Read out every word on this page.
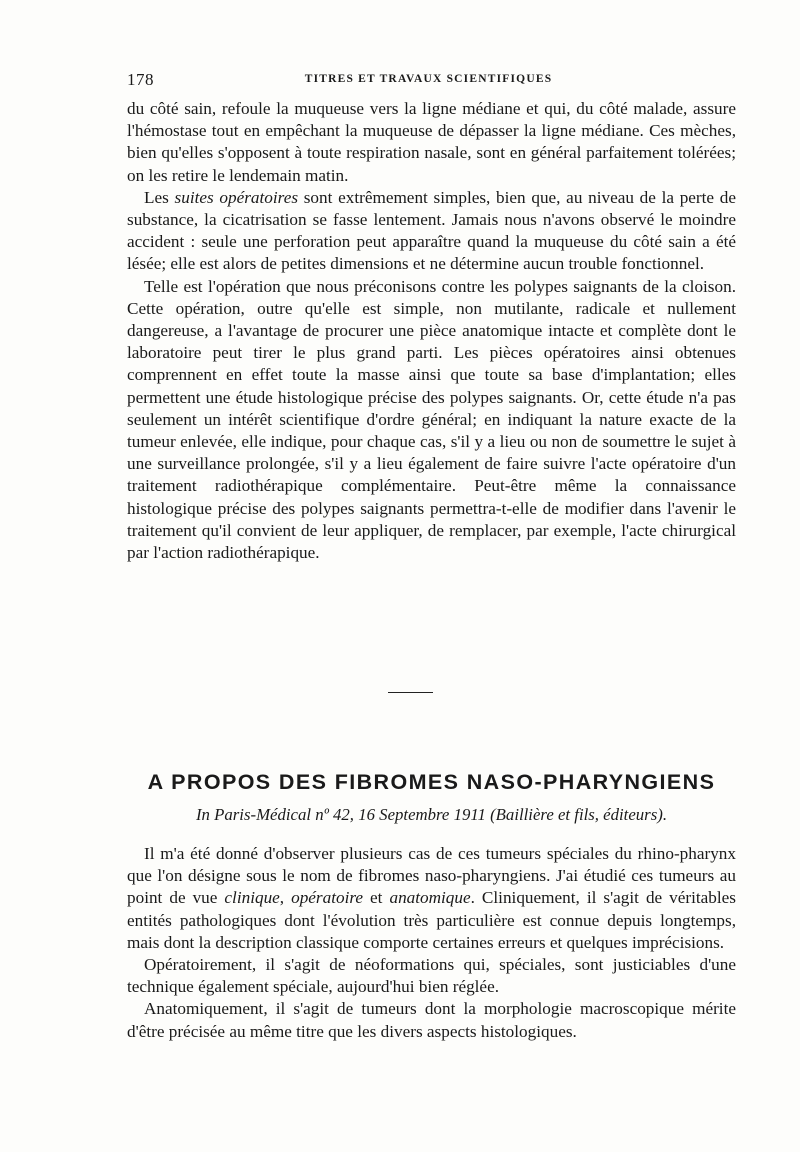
178	TITRES ET TRAVAUX SCIENTIFIQUES

du côté sain, refoule la muqueuse vers la ligne médiane et qui, du côté malade, assure l'hémostase tout en empêchant la muqueuse de dépasser la ligne médiane. Ces mèches, bien qu'elles s'opposent à toute respiration nasale, sont en général parfaitement tolérées; on les retire le lendemain matin.

Les suites opératoires sont extrêmement simples, bien que, au niveau de la perte de substance, la cicatrisation se fasse lentement. Jamais nous n'avons observé le moindre accident : seule une perforation peut apparaître quand la muqueuse du côté sain a été lésée; elle est alors de petites dimensions et ne détermine aucun trouble fonctionnel.

Telle est l'opération que nous préconisons contre les polypes saignants de la cloison. Cette opération, outre qu'elle est simple, non mutilante, radicale et nullement dangereuse, a l'avantage de procurer une pièce anatomique intacte et complète dont le laboratoire peut tirer le plus grand parti. Les pièces opératoires ainsi obtenues comprennent en effet toute la masse ainsi que toute sa base d'implantation; elles permettent une étude histologique précise des polypes saignants. Or, cette étude n'a pas seulement un intérêt scientifique d'ordre général; en indiquant la nature exacte de la tumeur enlevée, elle indique, pour chaque cas, s'il y a lieu ou non de soumettre le sujet à une surveillance prolongée, s'il y a lieu également de faire suivre l'acte opératoire d'un traitement radiothérapique complémentaire. Peut-être même la connaissance histologique précise des polypes saignants permettra-t-elle de modifier dans l'avenir le traitement qu'il convient de leur appliquer, de remplacer, par exemple, l'acte chirurgical par l'action radiothérapique.

A PROPOS DES FIBROMES NASO-PHARYNGIENS

In Paris-Médical nº 42, 16 Septembre 1911 (Baillière et fils, éditeurs).

Il m'a été donné d'observer plusieurs cas de ces tumeurs spéciales du rhino-pharynx que l'on désigne sous le nom de fibromes naso-pharyngiens. J'ai étudié ces tumeurs au point de vue clinique, opératoire et anatomique. Cliniquement, il s'agit de véritables entités pathologiques dont l'évolution très particulière est connue depuis longtemps, mais dont la description classique comporte certaines erreurs et quelques imprécisions.

Opératoirement, il s'agit de néoformations qui, spéciales, sont justiciables d'une technique également spéciale, aujourd'hui bien réglée.

Anatomiquement, il s'agit de tumeurs dont la morphologie macroscopique mérite d'être précisée au même titre que les divers aspects histologiques.
